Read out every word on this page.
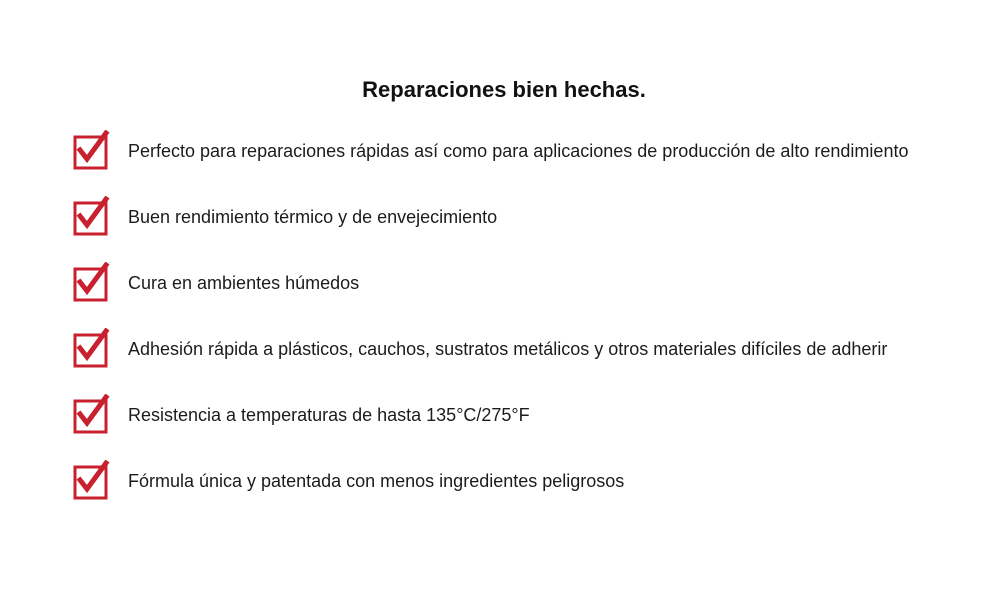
Reparaciones bien hechas.
Perfecto para reparaciones rápidas así como para aplicaciones de producción de alto rendimiento
Buen rendimiento térmico y de envejecimiento
Cura en ambientes húmedos
Adhesión rápida a plásticos, cauchos, sustratos metálicos y otros materiales difíciles de adherir
Resistencia a temperaturas de hasta 135°C/275°F
Fórmula única y patentada con menos ingredientes peligrosos
